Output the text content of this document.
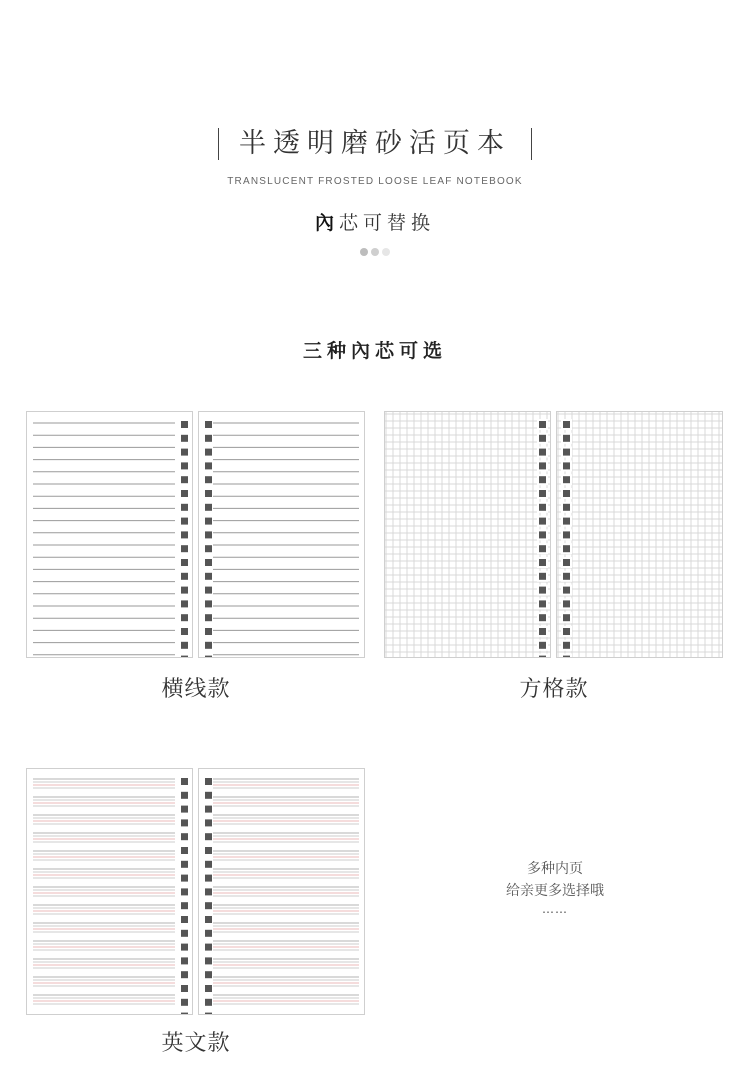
半透明磨砂活页本
TRANSLUCENT FROSTED LOOSE LEAF NOTEBOOK
內芯可替换
三种內芯可选
横线款	方格款
英文款
多种内页
给亲更多选择哦
……
